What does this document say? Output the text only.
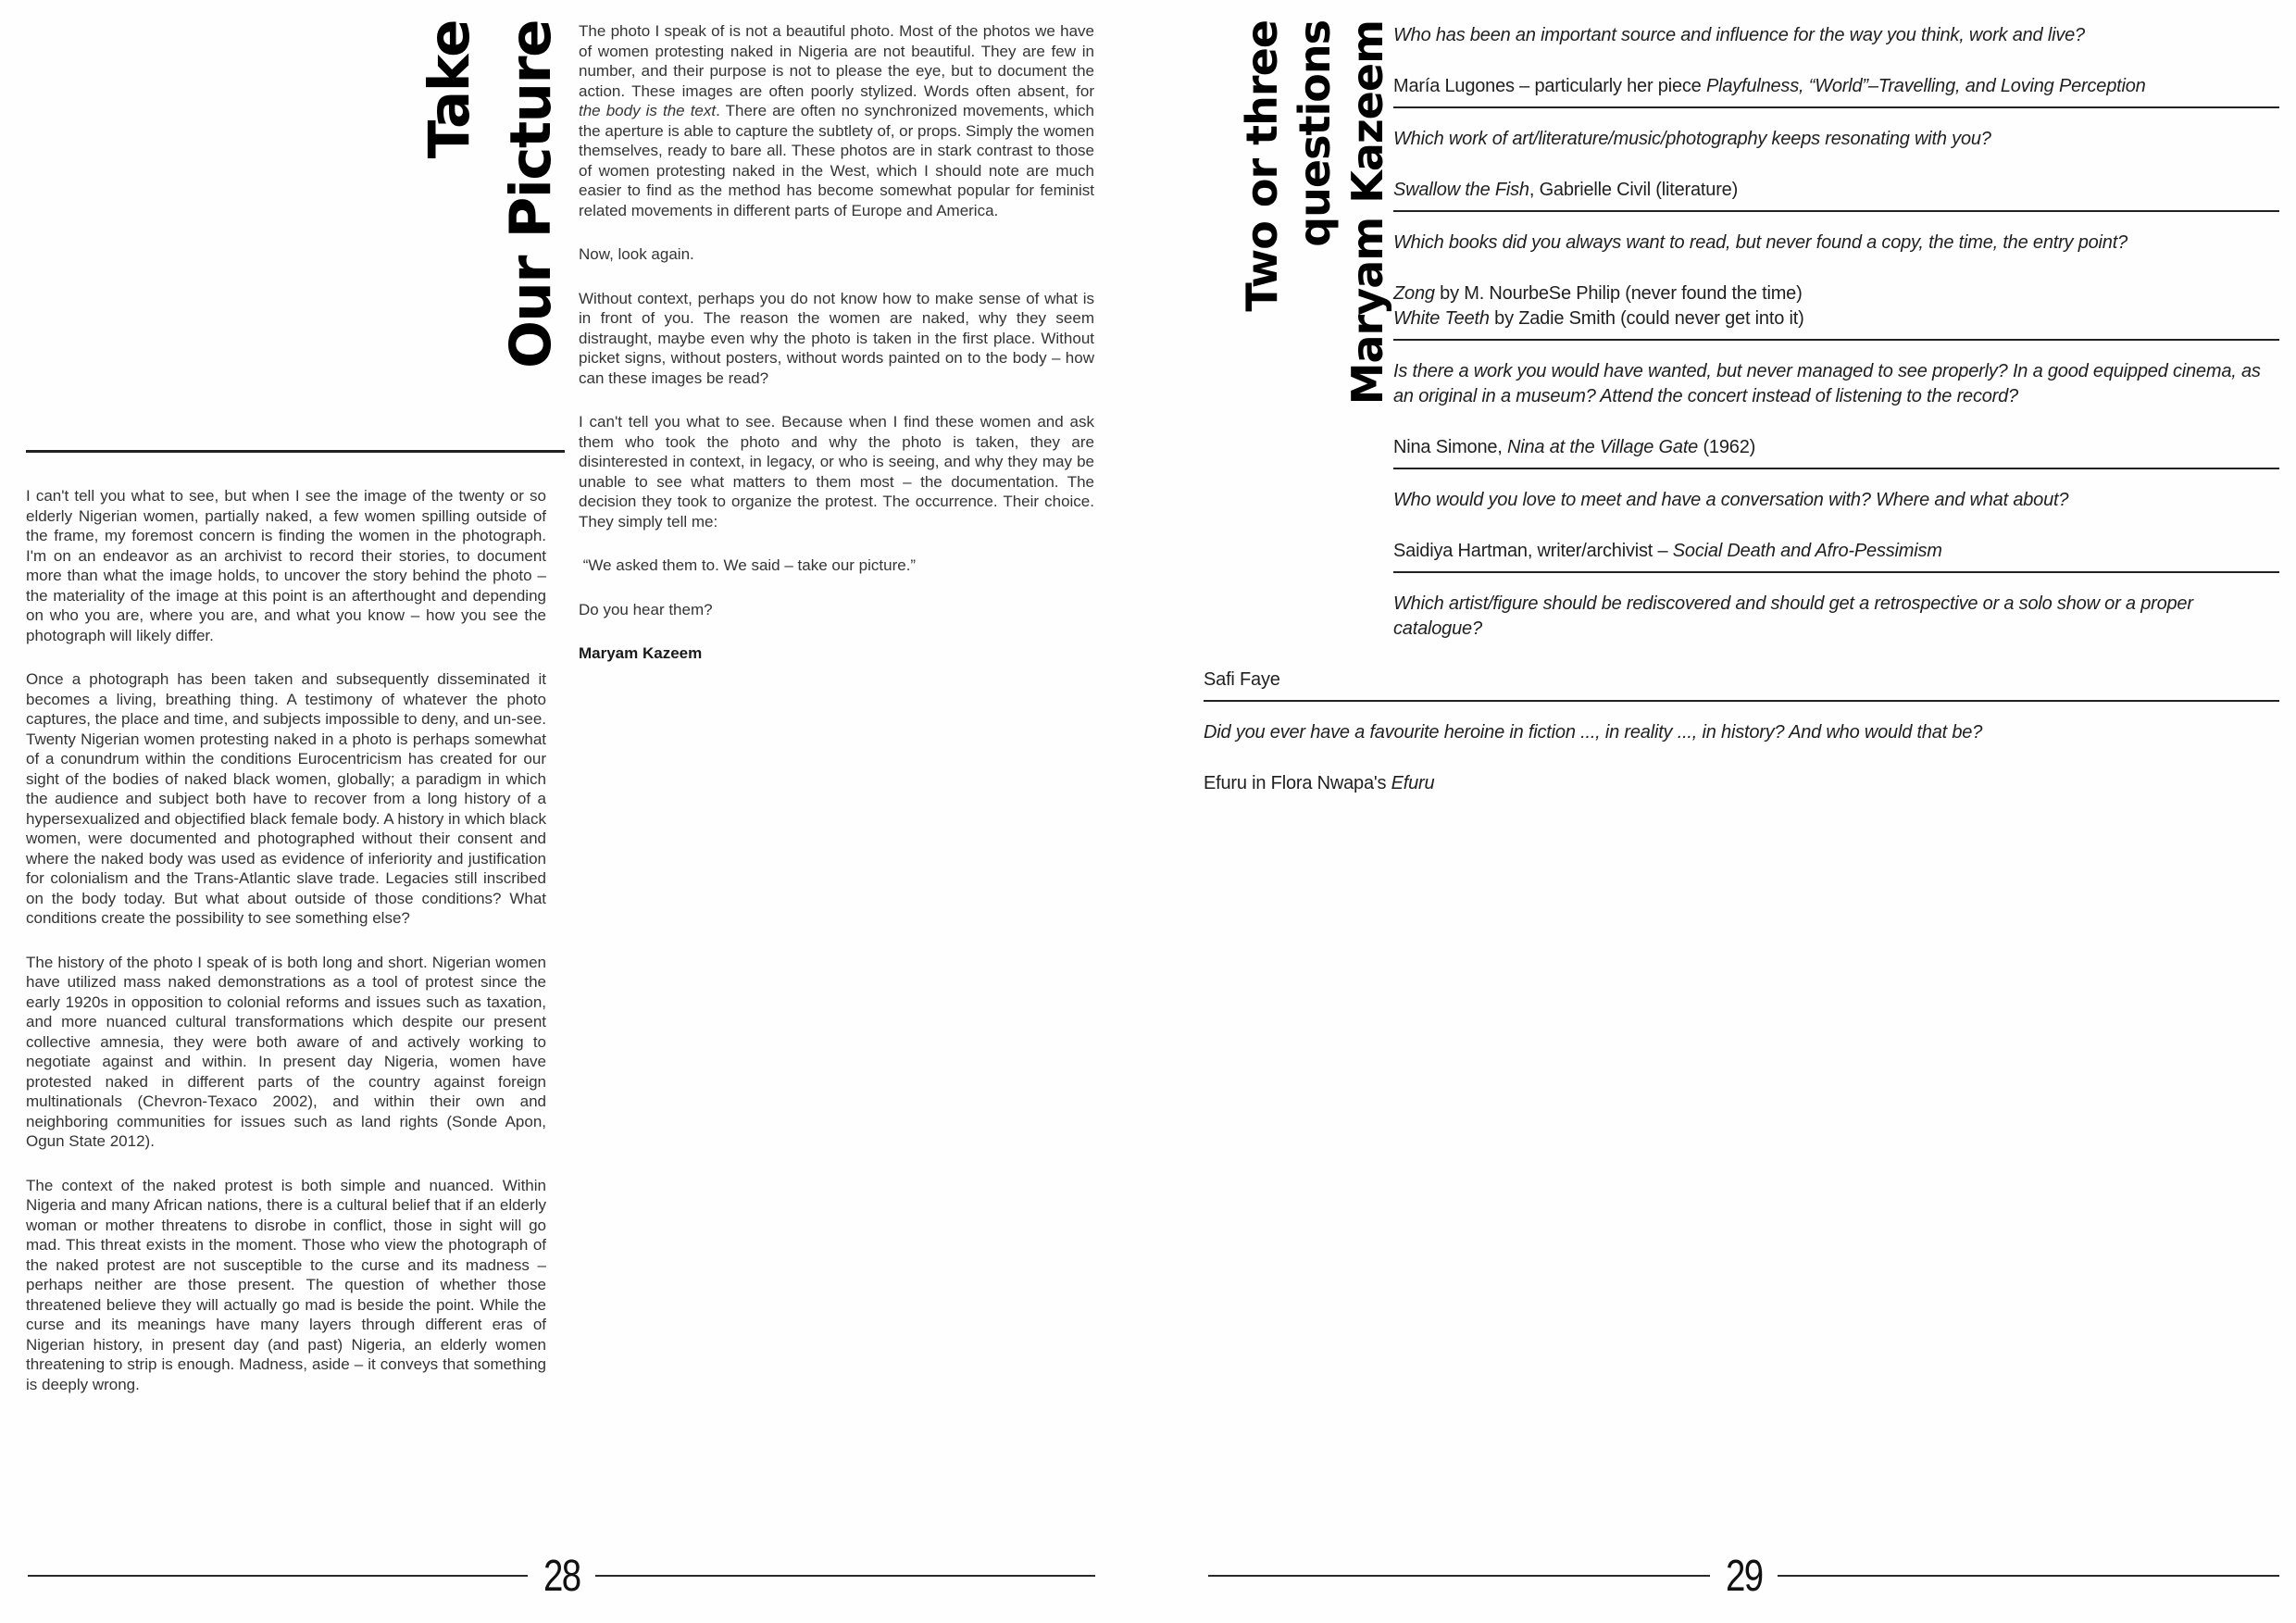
Take Our Picture

I can't tell you what to see, but when I see the image of the twenty or so elderly Nigerian women, partially naked, a few women spilling outside of the frame, my foremost concern is finding the women in the photograph. I'm on an endeavor as an archivist to record their stories, to document more than what the image holds, to uncover the story behind the photo – the materiality of the image at this point is an afterthought and depending on who you are, where you are, and what you know – how you see the photograph will likely differ.

Once a photograph has been taken and subsequently disseminated it becomes a living, breathing thing. A testimony of whatever the photo captures, the place and time, and subjects impossible to deny, and un-see. Twenty Nigerian women protesting naked in a photo is perhaps somewhat of a conundrum within the conditions Eurocentricism has created for our sight of the bodies of naked black women, globally; a paradigm in which the audience and subject both have to recover from a long history of a hypersexualized and objectified black female body. A history in which black women, were documented and photographed without their consent and where the naked body was used as evidence of inferiority and justification for colonialism and the Trans-Atlantic slave trade. Legacies still inscribed on the body today. But what about outside of those conditions? What conditions create the possibility to see something else?

The history of the photo I speak of is both long and short. Nigerian women have utilized mass naked demonstrations as a tool of protest since the early 1920s in opposition to colonial reforms and issues such as taxation, and more nuanced cultural transformations which despite our present collective amnesia, they were both aware of and actively working to negotiate against and within. In present day Nigeria, women have protested naked in different parts of the country against foreign multinationals (Chevron-Texaco 2002), and within their own and neighboring communities for issues such as land rights (Sonde Apon, Ogun State 2012).

The context of the naked protest is both simple and nuanced. Within Nigeria and many African nations, there is a cultural belief that if an elderly woman or mother threatens to disrobe in conflict, those in sight will go mad. This threat exists in the moment. Those who view the photograph of the naked protest are not susceptible to the curse and its madness – perhaps neither are those present. The question of whether those threatened believe they will actually go mad is beside the point. While the curse and its meanings have many layers through different eras of Nigerian history, in present day (and past) Nigeria, an elderly women threatening to strip is enough. Madness, aside – it conveys that something is deeply wrong.

The photo I speak of is not a beautiful photo. Most of the photos we have of women protesting naked in Nigeria are not beautiful. They are few in number, and their purpose is not to please the eye, but to document the action. These images are often poorly stylized. Words often absent, for the body is the text. There are often no synchronized movements, which the aperture is able to capture the subtlety of, or props. Simply the women themselves, ready to bare all. These photos are in stark contrast to those of women protesting naked in the West, which I should note are much easier to find as the method has become somewhat popular for feminist related movements in different parts of Europe and America.

Now, look again.

Without context, perhaps you do not know how to make sense of what is in front of you. The reason the women are naked, why they seem distraught, maybe even why the photo is taken in the first place. Without picket signs, without posters, without words painted on to the body – how can these images be read?

I can't tell you what to see. Because when I find these women and ask them who took the photo and why the photo is taken, they are disinterested in context, in legacy, or who is seeing, and why they may be unable to see what matters to them most – the documentation. The decision they took to organize the protest. The occurrence. Their choice. They simply tell me:

“We asked them to. We said – take our picture.”

Do you hear them?

Maryam Kazeem

28
Two or three questions Maryam Kazeem Who has been an important source and influence for the way you think, work and live?
María Lugones – particularly her piece Playfulness, “World”–Travelling, and Loving Perception
Which work of art/literature/music/photography keeps resonating with you?
Swallow the Fish, Gabrielle Civil (literature)
Which books did you always want to read, but never found a copy, the time, the entry point?
Zong by M. NourbeSe Philip (never found the time)
White Teeth by Zadie Smith (could never get into it)
Is there a work you would have wanted, but never managed to see properly? In a good equipped cinema, as an original in a museum? Attend the concert instead of listening to the record?
Nina Simone, Nina at the Village Gate (1962)
Who would you love to meet and have a conversation with? Where and what about?
Saidiya Hartman, writer/archivist – Social Death and Afro-Pessimism
Which artist/figure should be rediscovered and should get a retrospective or a solo show or a proper catalogue?
Safi Faye
Did you ever have a favourite heroine in fiction ..., in reality ..., in history? And who would that be?
Efuru in Flora Nwapa's Efuru
29
